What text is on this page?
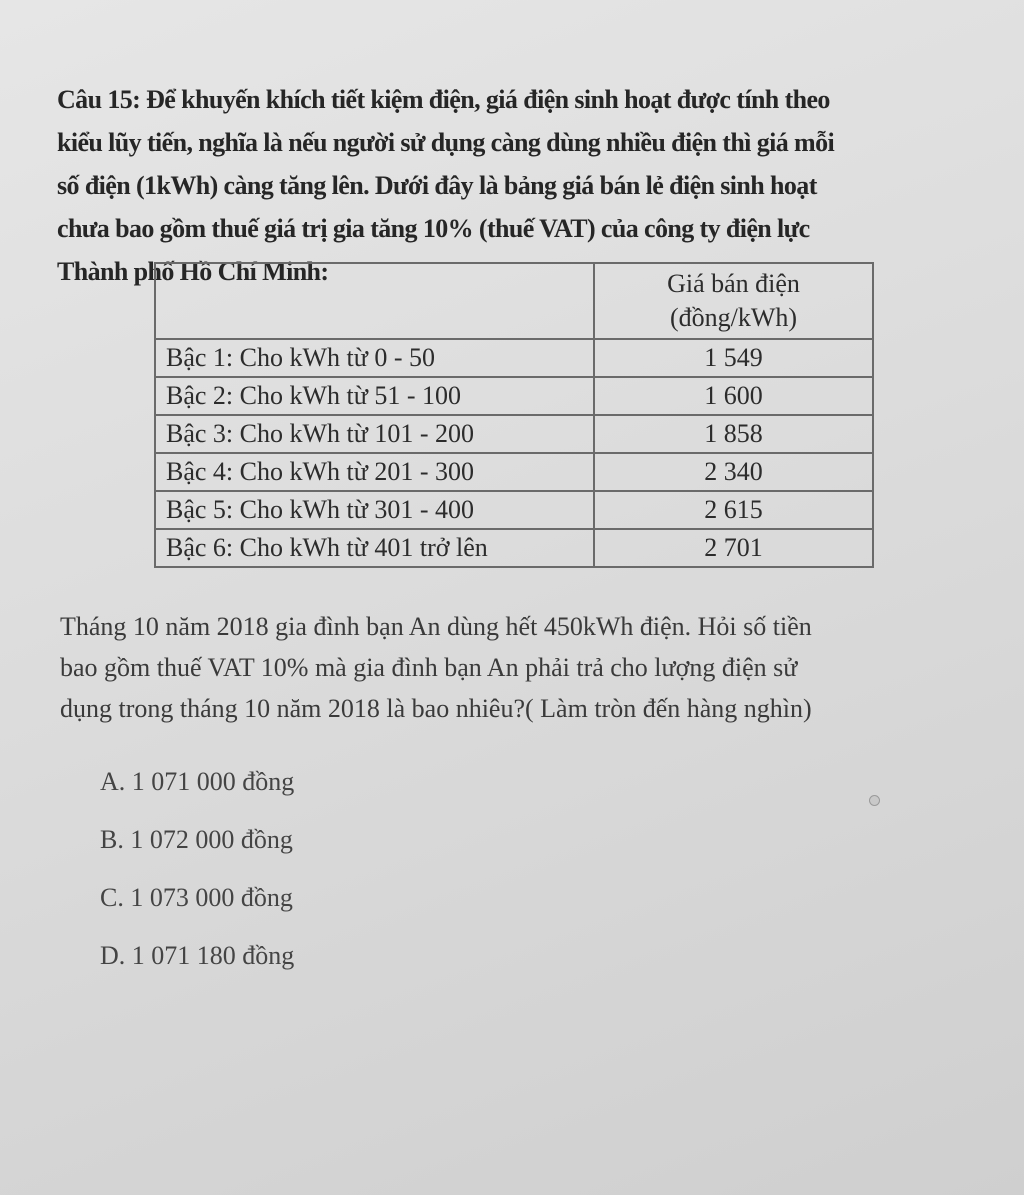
Câu 15: Để khuyến khích tiết kiệm điện, giá điện sinh hoạt được tính theo
kiểu lũy tiến, nghĩa là nếu người sử dụng càng dùng nhiều điện thì giá mỗi
số điện (1kWh) càng tăng lên. Dưới đây là bảng giá bán lẻ điện sinh hoạt
chưa bao gồm thuế giá trị gia tăng 10% (thuế VAT) của công ty điện lực
Thành phố Hồ Chí Minh:
		Giá bán điện
(đồng/kWh)
Bậc 1: Cho kWh từ 0 - 50	1 549
Bậc 2: Cho kWh từ 51 - 100	1 600
Bậc 3: Cho kWh từ 101 - 200	1 858
Bậc 4: Cho kWh từ 201 - 300	2 340
Bậc 5: Cho kWh từ 301 - 400	2 615
Bậc 6: Cho kWh từ 401 trở lên	2 701
Tháng 10 năm 2018 gia đình bạn An dùng hết 450kWh điện. Hỏi số tiền
bao gồm thuế VAT 10% mà gia đình bạn An phải trả cho lượng điện sử
dụng trong tháng 10 năm 2018 là bao nhiêu?( Làm tròn đến hàng nghìn)
A. 1 071 000 đồng
B. 1 072 000 đồng
C. 1 073 000 đồng
D. 1 071 180 đồng
